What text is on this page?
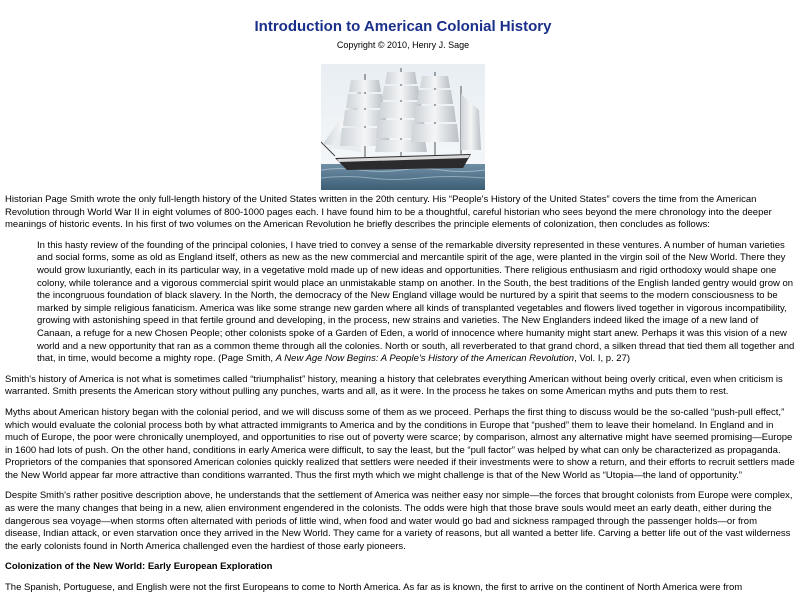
Introduction to American Colonial History
Copyright © 2010, Henry J. Sage

Historian Page Smith wrote the only full-length history of the United States written in the 20th century. His “People's History of the United States” covers the time from the American Revolution through World War II in eight volumes of 800-1000 pages each. I have found him to be a thoughtful, careful historian who sees beyond the mere chronology into the deeper meanings of historic events. In his first of two volumes on the American Revolution he briefly describes the principle elements of colonization, then concludes as follows:

In this hasty review of the founding of the principal colonies, I have tried to convey a sense of the remarkable diversity represented in these ventures. A number of human varieties and social forms, some as old as England itself, others as new as the new commercial and mercantile spirit of the age, were planted in the virgin soil of the New World. There they would grow luxuriantly, each in its particular way, in a vegetative mold made up of new ideas and opportunities. There religious enthusiasm and rigid orthodoxy would shape one colony, while tolerance and a vigorous commercial spirit would place an unmistakable stamp on another. In the South, the best traditions of the English landed gentry would grow on the incongruous foundation of black slavery. In the North, the democracy of the New England village would be nurtured by a spirit that seems to the modern consciousness to be marked by simple religious fanaticism. America was like some strange new garden where all kinds of transplanted vegetables and flowers lived together in vigorous incompatibility, growing with astonishing speed in that fertile ground and developing, in the process, new strains and varieties. The New Englanders indeed liked the image of a new land of Canaan, a refuge for a new Chosen People; other colonists spoke of a Garden of Eden, a world of innocence where humanity might start anew. Perhaps it was this vision of a new world and a new opportunity that ran as a common theme through all the colonies. North or south, all reverberated to that grand chord, a silken thread that tied them all together and that, in time, would become a mighty rope. (Page Smith, A New Age Now Begins: A People's History of the American Revolution, Vol. I, p. 27)

Smith's history of America is not what is sometimes called “triumphalist” history, meaning a history that celebrates everything American without being overly critical, even when criticism is warranted. Smith presents the American story without pulling any punches, warts and all, as it were. In the process he takes on some American myths and puts them to rest.

Myths about American history began with the colonial period, and we will discuss some of them as we proceed. Perhaps the first thing to discuss would be the so-called “push-pull effect,” which would evaluate the colonial process both by what attracted immigrants to America and by the conditions in Europe that “pushed” them to leave their homeland. In England and in much of Europe, the poor were chronically unemployed, and opportunities to rise out of poverty were scarce; by comparison, almost any alternative might have seemed promising—Europe in 1600 had lots of push. On the other hand, conditions in early America were difficult, to say the least, but the “pull factor” was helped by what can only be characterized as propaganda. Proprietors of the companies that sponsored American colonies quickly realized that settlers were needed if their investments were to show a return, and their efforts to recruit settlers made the New World appear far more attractive than conditions warranted. Thus the first myth which we might challenge is that of the New World as “Utopia—the land of opportunity.”

Despite Smith's rather positive description above, he understands that the settlement of America was neither easy nor simple—the forces that brought colonists from Europe were complex, as were the many changes that being in a new, alien environment engendered in the colonists. The odds were high that those brave souls would meet an early death, either during the dangerous sea voyage—when storms often alternated with periods of little wind, when food and water would go bad and sickness rampaged through the passenger holds—or from disease, Indian attack, or even starvation once they arrived in the New World. They came for a variety of reasons, but all wanted a better life. Carving a better life out of the vast wilderness the early colonists found in North America challenged even the hardiest of those early pioneers.

Colonization of the New World: Early European Exploration

The Spanish, Portuguese, and English were not the first Europeans to come to North America. As far as is known, the first to arrive on the continent of North America were from
